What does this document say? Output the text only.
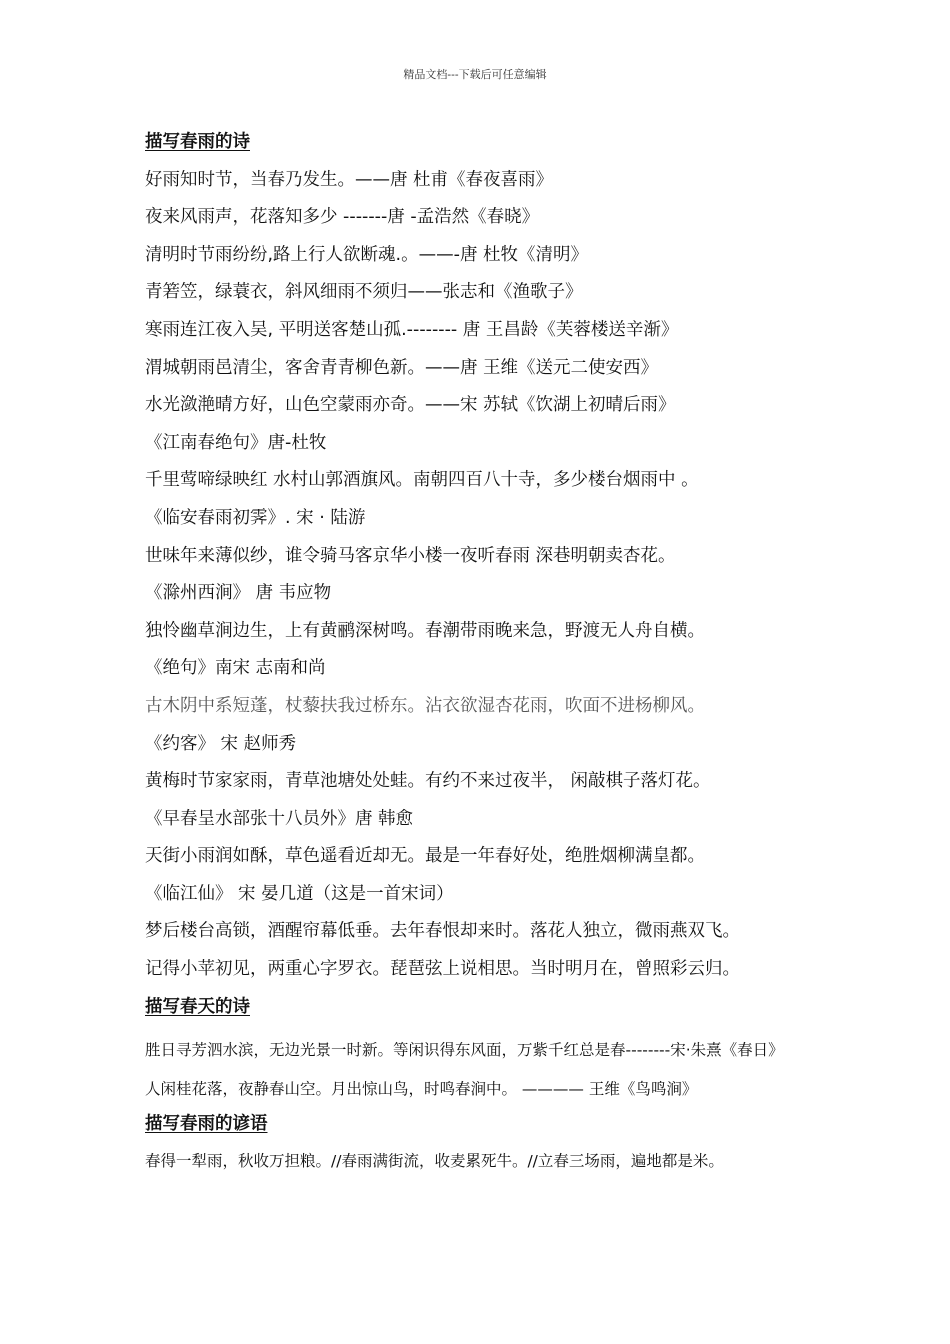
精品文档---下载后可任意编辑
描写春雨的诗
好雨知时节，当春乃发生。——唐 杜甫《春夜喜雨》
夜来风雨声，花落知多少 -------唐 -孟浩然《春晓》
清明时节雨纷纷,路上行人欲断魂.。——-唐 杜牧《清明》
青箬笠，绿蓑衣，斜风细雨不须归——张志和《渔歌子》
寒雨连江夜入吴, 平明送客楚山孤.-------- 唐 王昌龄《芙蓉楼送辛渐》
渭城朝雨邑清尘，客舍青青柳色新。——唐 王维《送元二使安西》
水光潋滟晴方好，山色空蒙雨亦奇。——宋 苏轼《饮湖上初晴后雨》
《江南春绝句》唐-杜牧
千里莺啼绿映红 水村山郭酒旗风。南朝四百八十寺，多少楼台烟雨中 。
《临安春雨初霁》. 宋 · 陆游
世味年来薄似纱，谁令骑马客京华小楼一夜听春雨 深巷明朝卖杏花。
《滁州西涧》 唐 韦应物
独怜幽草涧边生，上有黄鹂深树鸣。春潮带雨晚来急，野渡无人舟自横。
《绝句》南宋 志南和尚
古木阴中系短蓬，杖藜扶我过桥东。沾衣欲湿杏花雨，吹面不进杨柳风。
《约客》 宋 赵师秀
黄梅时节家家雨，青草池塘处处蛙。有约不来过夜半， 闲敲棋子落灯花。
《早春呈水部张十八员外》唐 韩愈
天街小雨润如酥，草色遥看近却无。最是一年春好处，绝胜烟柳满皇都。
《临江仙》 宋 晏几道（这是一首宋词）
梦后楼台高锁，酒醒帘幕低垂。去年春恨却来时。落花人独立，微雨燕双飞。
记得小苹初见，两重心字罗衣。琵琶弦上说相思。当时明月在，曾照彩云归。
描写春天的诗
胜日寻芳泗水滨，无边光景一时新。等闲识得东风面，万紫千红总是春--------宋·朱熹《春日》
人闲桂花落，夜静春山空。月出惊山鸟，时鸣春涧中。 ———— 王维《鸟鸣涧》
描写春雨的谚语
春得一犁雨，秋收万担粮。//春雨满街流，收麦累死牛。//立春三场雨，遍地都是米。
